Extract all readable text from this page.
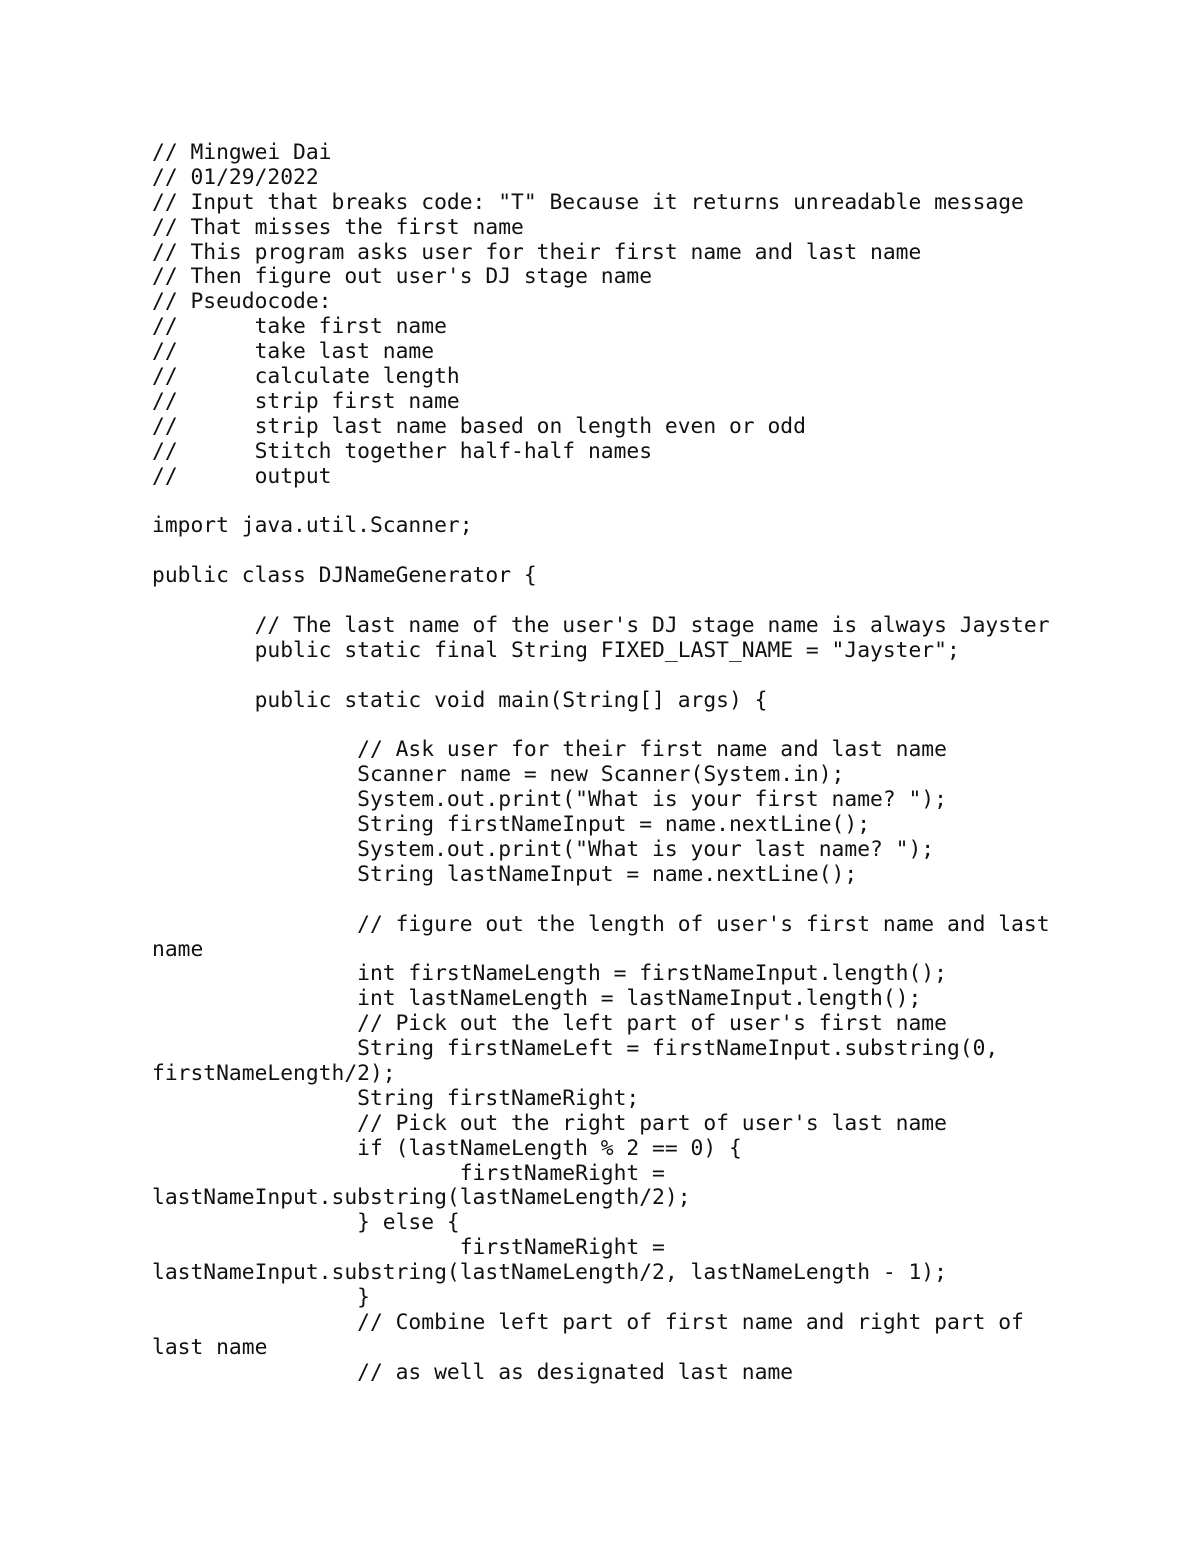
// Mingwei Dai
// 01/29/2022
// Input that breaks code: "T" Because it returns unreadable message
// That misses the first name
// This program asks user for their first name and last name
// Then figure out user's DJ stage name
// Pseudocode:
//      take first name
//      take last name
//      calculate length
//      strip first name
//      strip last name based on length even or odd
//      Stitch together half-half names
//      output
import java.util.Scanner;
public class DJNameGenerator {
// The last name of the user's DJ stage name is always Jayster
public static final String FIXED_LAST_NAME = "Jayster";
public static void main(String[] args) {
// Ask user for their first name and last name
Scanner name = new Scanner(System.in);
System.out.print("What is your first name? ");
String firstNameInput = name.nextLine();
System.out.print("What is your last name? ");
String lastNameInput = name.nextLine();
// figure out the length of user's first name and last
name
int firstNameLength = firstNameInput.length();
int lastNameLength = lastNameInput.length();
// Pick out the left part of user's first name
String firstNameLeft = firstNameInput.substring(0,
firstNameLength/2);
String firstNameRight;
// Pick out the right part of user's last name
if (lastNameLength % 2 == 0) {
firstNameRight =
lastNameInput.substring(lastNameLength/2);
} else {
firstNameRight =
lastNameInput.substring(lastNameLength/2, lastNameLength - 1);
}
// Combine left part of first name and right part of
last name
// as well as designated last name
